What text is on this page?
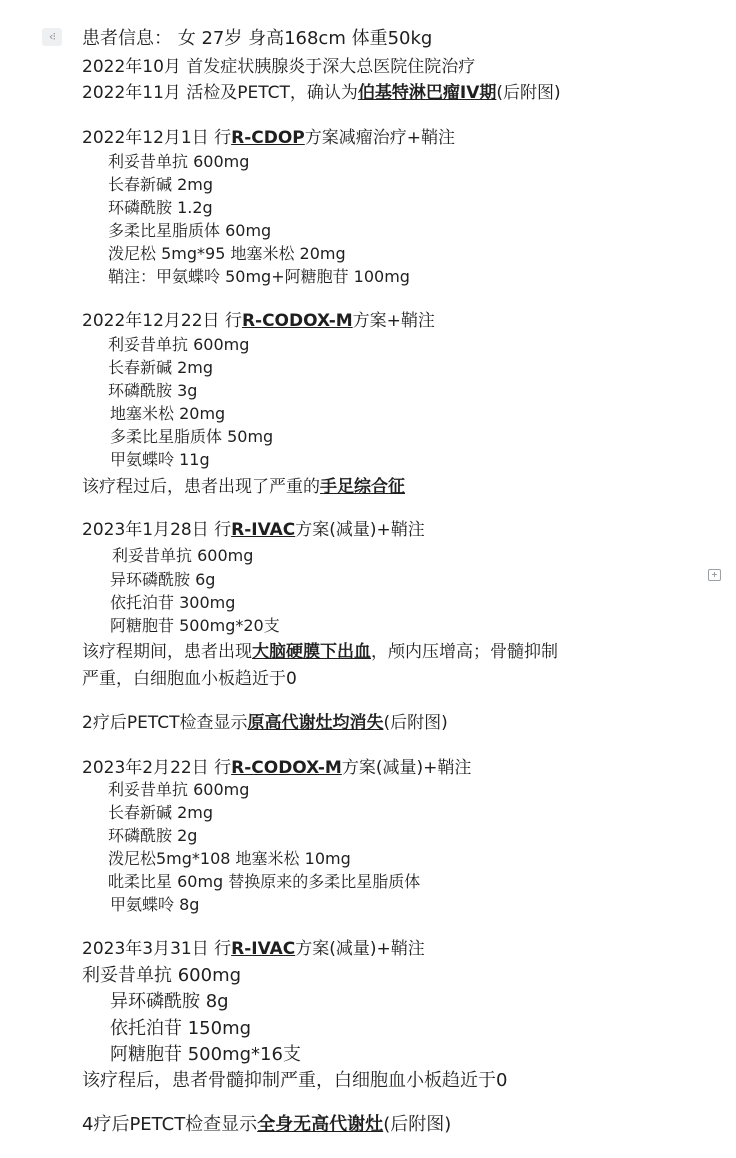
‹⁝	患者信息： 女 27岁 身高168cm 体重50kg
2022年10月 首发症状胰腺炎于深大总医院住院治疗
2022年11月 活检及PETCT，确认为伯基特淋巴瘤IV期(后附图)
2022年12月1日 行R-CDOP方案减瘤治疗+鞘注
利妥昔单抗 600mg
长春新碱 2mg
环磷酰胺 1.2g
多柔比星脂质体 60mg
泼尼松 5mg*95 地塞米松 20mg
鞘注：甲氨蝶呤 50mg+阿糖胞苷 100mg
2022年12月22日 行R-CODOX-M方案+鞘注
利妥昔单抗 600mg
长春新碱 2mg
环磷酰胺 3g
地塞米松 20mg
多柔比星脂质体 50mg
甲氨蝶呤 11g
该疗程过后，患者出现了严重的手足综合征
2023年1月28日 行R-IVAC方案(减量)+鞘注
利妥昔单抗 600mg
异环磷酰胺 6g
依托泊苷 300mg
阿糖胞苷 500mg*20支
该疗程期间，患者出现大脑硬膜下出血，颅内压增高；骨髓抑制
严重，白细胞血小板趋近于0
2疗后PETCT检查显示原高代谢灶均消失(后附图)
2023年2月22日 行R-CODOX-M方案(减量)+鞘注
利妥昔单抗 600mg
长春新碱 2mg
环磷酰胺 2g
泼尼松5mg*108 地塞米松 10mg
吡柔比星 60mg 替换原来的多柔比星脂质体
甲氨蝶呤 8g
2023年3月31日 行R-IVAC方案(减量)+鞘注
利妥昔单抗 600mg
异环磷酰胺 8g
依托泊苷 150mg
阿糖胞苷 500mg*16支
该疗程后，患者骨髓抑制严重，白细胞血小板趋近于0
4疗后PETCT检查显示全身无高代谢灶(后附图)
